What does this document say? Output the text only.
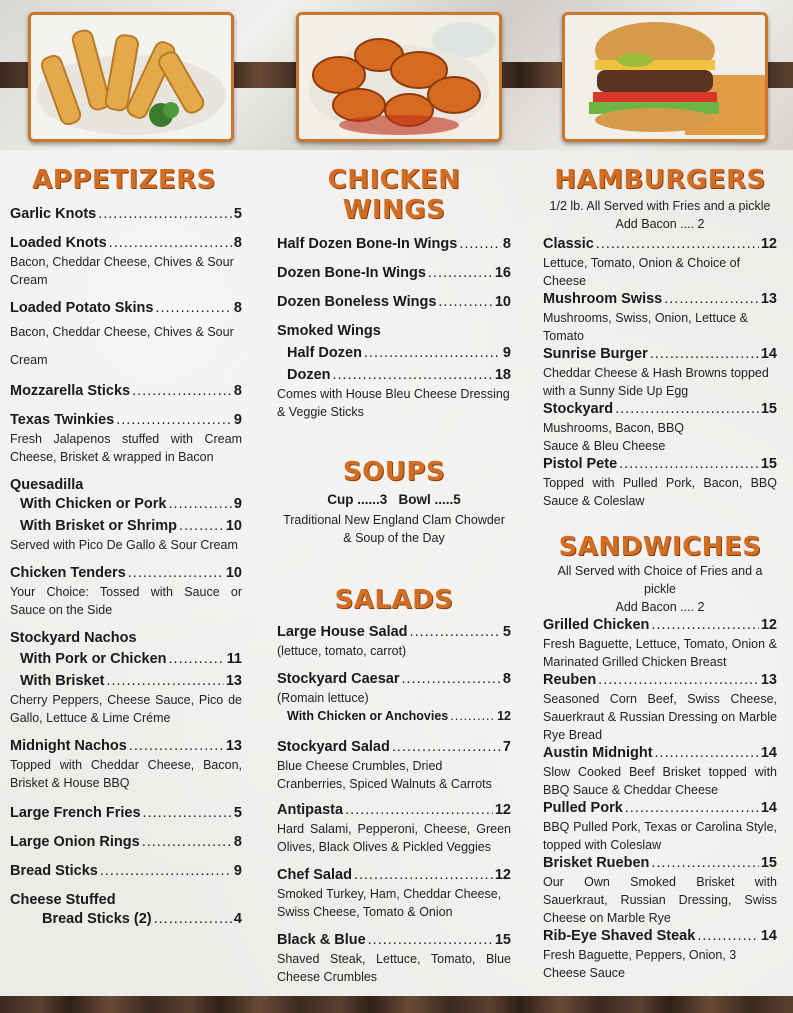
APPETIZERS
Garlic Knots .....	5
Loaded Knots .....	8
Bacon, Cheddar Cheese, Chives & Sour Cream
Loaded Potato Skins .....	8
Bacon, Cheddar Cheese, Chives & Sour Cream
Mozzarella Sticks .....	8
Texas Twinkies .....	9
Fresh Jalapenos stuffed with Cream Cheese, Brisket & wrapped in Bacon
Quesadilla
With Chicken or Pork .....	9
With Brisket or Shrimp .....	10
Served with Pico De Gallo & Sour Cream
Chicken Tenders .....	10
Your Choice: Tossed with Sauce or Sauce on the Side
Stockyard Nachos
With Pork or Chicken .....	11
With Brisket .....	13
Cherry Peppers, Cheese Sauce, Pico de Gallo, Lettuce & Lime Créme
Midnight Nachos .....	13
Topped with Cheddar Cheese, Bacon, Brisket & House BBQ
Large French Fries .....	5
Large Onion Rings .....	8
Bread Sticks .....	9
Cheese Stuffed
Bread Sticks (2) .....	4
CHICKEN WINGS
Half Dozen Bone-In Wings .....	8
Dozen Bone-In Wings .....	16
Dozen Boneless Wings .....	10
Smoked Wings
Half Dozen .....	9
Dozen .....	18
Comes with House Bleu Cheese Dressing & Veggie Sticks
SOUPS
Cup ......3 Bowl .....5
Traditional New England Clam Chowder & Soup of the Day
SALADS
Large House Salad .....	5
(lettuce, tomato, carrot)
Stockyard Caesar .....	8
(Romain lettuce)
With Chicken or Anchovies .....	12
Stockyard Salad .....	7
Blue Cheese Crumbles, Dried Cranberries, Spiced Walnuts & Carrots
Antipasta .....	12
Hard Salami, Pepperoni, Cheese, Green Olives, Black Olives & Pickled Veggies
Chef Salad .....	12
Smoked Turkey, Ham, Cheddar Cheese, Swiss Cheese, Tomato & Onion
Black & Blue .....	15
Shaved Steak, Lettuce, Tomato, Blue Cheese Crumbles
HAMBURGERS
1/2 lb. All Served with Fries and a pickle
Add Bacon .... 2
Classic .....	12
Lettuce, Tomato, Onion & Choice of Cheese
Mushroom Swiss .....	13
Mushrooms, Swiss, Onion, Lettuce & Tomato
Sunrise Burger .....	14
Cheddar Cheese & Hash Browns topped with a Sunny Side Up Egg
Stockyard .....	15
Mushrooms, Bacon, BBQ Sauce & Bleu Cheese
Pistol Pete .....	15
Topped with Pulled Pork, Bacon, BBQ Sauce & Coleslaw
SANDWICHES
All Served with Choice of Fries and a pickle
Add Bacon .... 2
Grilled Chicken .....	12
Fresh Baguette, Lettuce, Tomato, Onion & Marinated Grilled Chicken Breast
Reuben .....	13
Seasoned Corn Beef, Swiss Cheese, Sauerkraut & Russian Dressing on Marble Rye Bread
Austin Midnight .....	14
Slow Cooked Beef Brisket topped with BBQ Sauce & Cheddar Cheese
Pulled Pork .....	14
BBQ Pulled Pork, Texas or Carolina Style, topped with Coleslaw
Brisket Rueben .....	15
Our Own Smoked Brisket with Sauerkraut, Russian Dressing, Swiss Cheese on Marble Rye
Rib-Eye Shaved Steak .....	14
Fresh Baguette, Peppers, Onion, 3 Cheese Sauce
